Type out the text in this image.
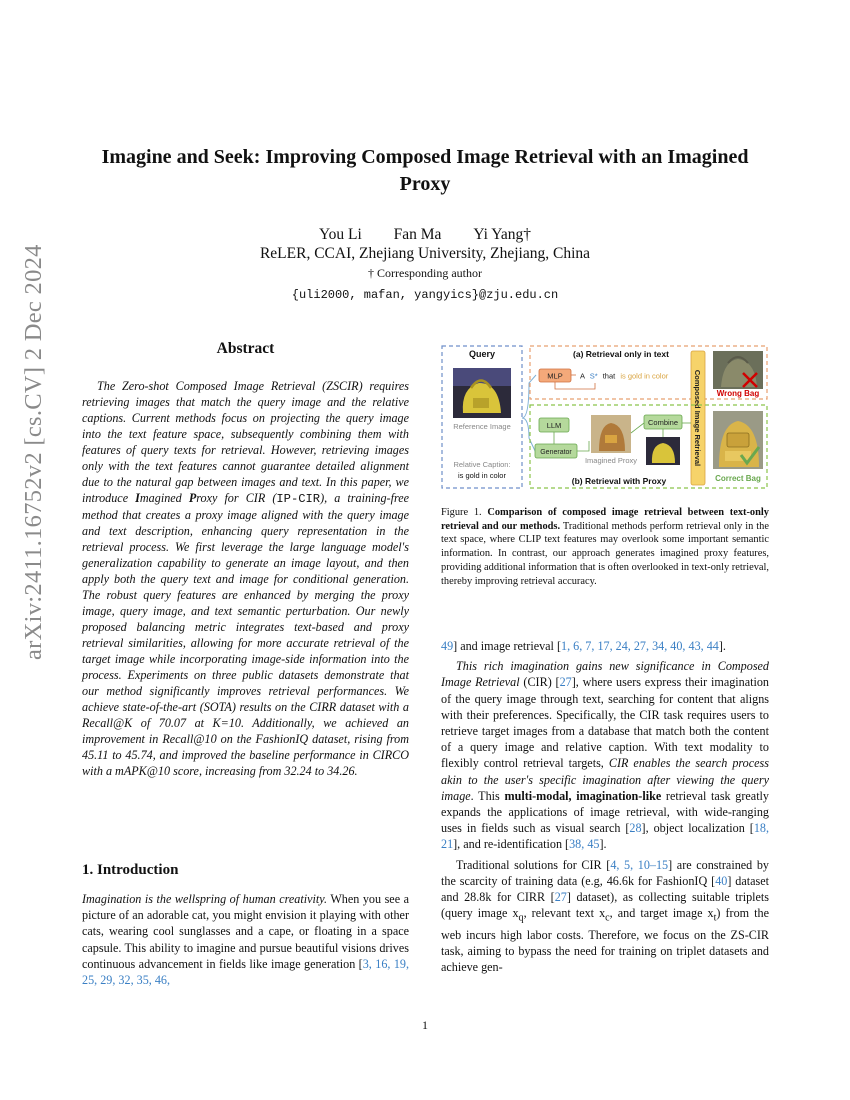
arXiv:2411.16752v2 [cs.CV] 2 Dec 2024
Imagine and Seek: Improving Composed Image Retrieval with an Imagined Proxy
You Li Fan Ma Yi Yang†
ReLER, CCAI, Zhejiang University, Zhejiang, China
† Corresponding author
{uli2000, mafan, yangyics}@zju.edu.cn
Abstract
The Zero-shot Composed Image Retrieval (ZSCIR) requires retrieving images that match the query image and the relative captions. Current methods focus on projecting the query image into the text feature space, subsequently combining them with features of query texts for retrieval. However, retrieving images only with the text features cannot guarantee detailed alignment due to the natural gap between images and text. In this paper, we introduce Imagined Proxy for CIR (IP-CIR), a training-free method that creates a proxy image aligned with the query image and text description, enhancing query representation in the retrieval process. We first leverage the large language model's generalization capability to generate an image layout, and then apply both the query text and image for conditional generation. The robust query features are enhanced by merging the proxy image, query image, and text semantic perturbation. Our newly proposed balancing metric integrates text-based and proxy retrieval similarities, allowing for more accurate retrieval of the target image while incorporating image-side information into the process. Experiments on three public datasets demonstrate that our method significantly improves retrieval performances. We achieve state-of-the-art (SOTA) results on the CIRR dataset with a Recall@K of 70.07 at K=10. Additionally, we achieved an improvement in Recall@10 on the FashionIQ dataset, rising from 45.11 to 45.74, and improved the baseline performance in CIRCO with a mAPK@10 score, increasing from 32.24 to 34.26.
1. Introduction
Imagination is the wellspring of human creativity. When you see a picture of an adorable cat, you might envision it playing with other cats, wearing cool sunglasses and a cape, or floating in a space capsule. This ability to imagine and pursue beautiful visions drives continuous advancement in fields like image generation [3, 16, 19, 25, 29, 32, 35, 46,
Query
Reference Image
Relative Caption:
is gold in color
(a) Retrieval only in text
MLP A S* that is gold in color	Composed Image Retrieval Wrong Bag
LLM
Generator
Imagined Proxy
Combine
(b) Retrieval with Proxy	Correct Bag
Figure 1. Comparison of composed image retrieval between text-only retrieval and our methods. Traditional methods perform retrieval only in the text space, where CLIP text features may overlook some important semantic information. In contrast, our approach generates imagined proxy features, providing additional information that is often overlooked in text-only retrieval, thereby improving retrieval accuracy.

49] and image retrieval [1, 6, 7, 17, 24, 27, 34, 40, 43, 44].

This rich imagination gains new significance in Composed Image Retrieval (CIR) [27], where users express their imagination of the query image through text, searching for content that aligns with their preferences. Specifically, the CIR task requires users to retrieve target images from a database that match both the content of a query image and relative caption. With text modality to flexibly control retrieval targets, CIR enables the search process akin to the user's specific imagination after viewing the query image. This multi-modal, imagination-like retrieval task greatly expands the applications of image retrieval, with wide-ranging uses in fields such as visual search [28], object localization [18, 21], and re-identification [38, 45].

Traditional solutions for CIR [4, 5, 10–15] are constrained by the scarcity of training data (e.g, 46.6k for FashionIQ [40] dataset and 28.8k for CIRR [27] dataset), as collecting suitable triplets (query image $x_q$, relevant text $x_c$, and target image $x_t$) from the web incurs high labor costs. Therefore, we focus on the ZS-CIR task, aiming to bypass the need for training on triplet datasets and achieve gen-

1
